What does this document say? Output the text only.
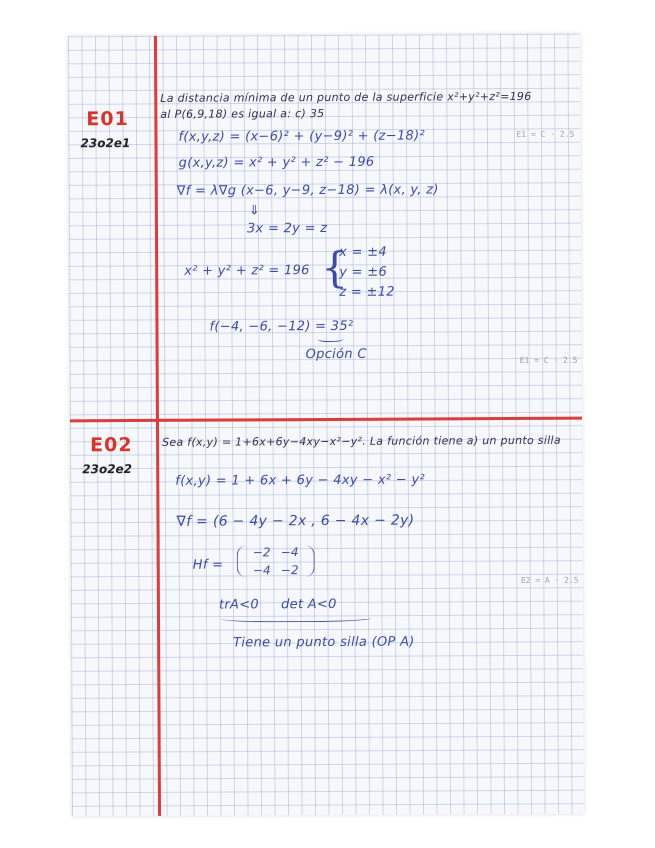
E01
23o2e1
La distancia mínima de un punto de la superficie x²+y²+z²=196
al P(6,9,18) es igual a: c) 35
E1 = C · 2.5
f(x,y,z) = (x−6)² + (y−9)² + (z−18)²
g(x,y,z) = x² + y² + z² − 196
∇f = λ∇g (x−6, y−9, z−18) = λ(x, y, z)
⇓
3x = 2y = z
x² + y² + z² = 196 {
x = ±4
y = ±6
z = ±12
f(−4, −6, −12) = 35²
Opción C	E1 = C · 2.5
E02
23o2e2
Sea f(x,y) = 1+6x+6y−4xy−x²−y². La función tiene a) un punto silla
f(x,y) = 1 + 6x + 6y − 4xy − x² − y²
∇f = (6 − 4y − 2x , 6 − 4x − 2y)
Hf =
−2 −4
−4 −2
E2 = A · 2.5
trA<0     det A<0
Tiene un punto silla (OP A)
